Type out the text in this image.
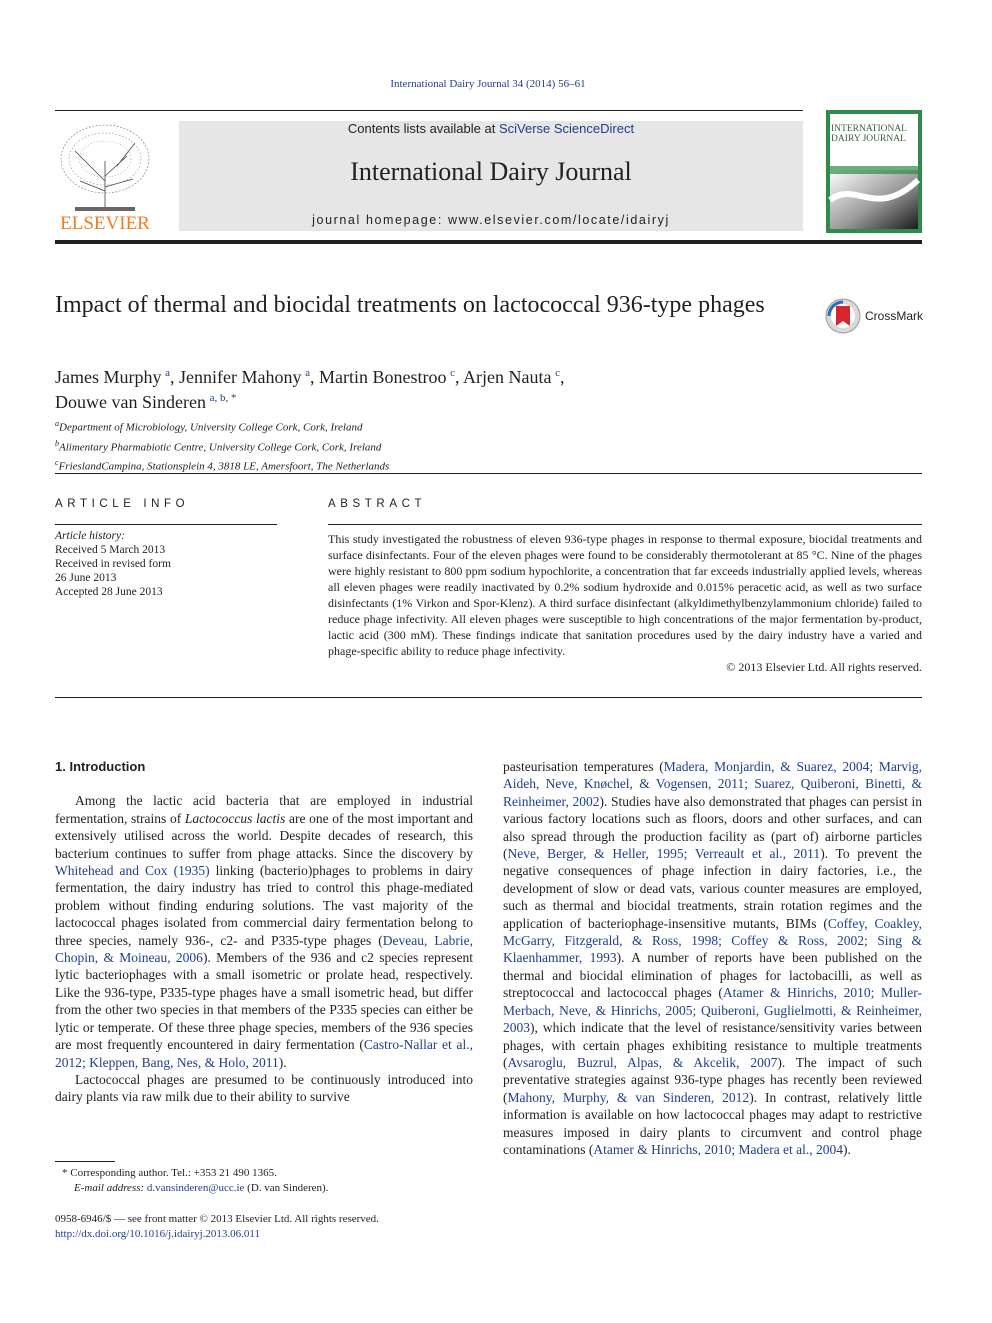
International Dairy Journal 34 (2014) 56–61
ELSEVIER
Contents lists available at SciVerse ScienceDirect
International Dairy Journal
journal homepage: www.elsevier.com/locate/idairyj
INTERNATIONAL DAIRY JOURNAL
Impact of thermal and biocidal treatments on lactococcal 936-type phages	CrossMark
James Murphy  $^a$, Jennifer Mahony  $^a$, Martin Bonestroo  $^c$, Arjen Nauta  $^c$,
Douwe van Sinderen  $^{a, b, *}$
$^a$Department of Microbiology, University College Cork, Cork, Ireland
$^b$Alimentary Pharmabiotic Centre, University College Cork, Cork, Ireland
$^c$FrieslandCampina, Stationsplein 4, 3818 LE, Amersfoort, The Netherlands
ARTICLE INFO
Article history:
Received 5 March 2013
Received in revised form
26 June 2013
Accepted 28 June 2013
ABSTRACT
This study investigated the robustness of eleven 936-type phages in response to thermal exposure, biocidal treatments and surface disinfectants. Four of the eleven phages were found to be considerably thermotolerant at 85 °C. Nine of the phages were highly resistant to 800 ppm sodium hypochlorite, a concentration that far exceeds industrially applied levels, whereas all eleven phages were readily inactivated by 0.2% sodium hydroxide and 0.015% peracetic acid, as well as two surface disinfectants (1% Virkon and Spor-Klenz). A third surface disinfectant (alkyldimethylbenzylammonium chloride) failed to reduce phage infectivity. All eleven phages were susceptible to high concentrations of the major fermentation by-product, lactic acid (300 mM). These findings indicate that sanitation procedures used by the dairy industry have a varied and phage-specific ability to reduce phage infectivity.
© 2013 Elsevier Ltd. All rights reserved.
1. Introduction

Among the lactic acid bacteria that are employed in industrial fermentation, strains of Lactococcus lactis are one of the most important and extensively utilised across the world. Despite decades of research, this bacterium continues to suffer from phage attacks. Since the discovery by Whitehead and Cox (1935) linking (bacterio)phages to problems in dairy fermentation, the dairy industry has tried to control this phage-mediated problem without finding enduring solutions. The vast majority of the lactococcal phages isolated from commercial dairy fermentation belong to three species, namely 936-, c2- and P335-type phages (Deveau, Labrie, Chopin, & Moineau, 2006). Members of the 936 and c2 species represent lytic bacteriophages with a small isometric or prolate head, respectively. Like the 936-type, P335-type phages have a small isometric head, but differ from the other two species in that members of the P335 species can either be lytic or temperate. Of these three phage species, members of the 936 species are most frequently encountered in dairy fermentation (Castro-Nallar et al., 2012; Kleppen, Bang, Nes, & Holo, 2011).

Lactococcal phages are presumed to be continuously introduced into dairy plants via raw milk due to their ability to survive

pasteurisation temperatures (Madera, Monjardin, & Suarez, 2004; Marvig, Aideh, Neve, Knøchel, & Vogensen, 2011; Suarez, Quiberoni, Binetti, & Reinheimer, 2002). Studies have also demonstrated that phages can persist in various factory locations such as floors, doors and other surfaces, and can also spread through the production facility as (part of) airborne particles (Neve, Berger, & Heller, 1995; Verreault et al., 2011). To prevent the negative consequences of phage infection in dairy factories, i.e., the development of slow or dead vats, various counter measures are employed, such as thermal and biocidal treatments, strain rotation regimes and the application of bacteriophage-insensitive mutants, BIMs (Coffey, Coakley, McGarry, Fitzgerald, & Ross, 1998; Coffey & Ross, 2002; Sing & Klaenhammer, 1993). A number of reports have been published on the thermal and biocidal elimination of phages for lactobacilli, as well as streptococcal and lactococcal phages (Atamer & Hinrichs, 2010; Muller-Merbach, Neve, & Hinrichs, 2005; Quiberoni, Guglielmotti, & Reinheimer, 2003), which indicate that the level of resistance/sensitivity varies between phages, with certain phages exhibiting resistance to multiple treatments (Avsaroglu, Buzrul, Alpas, & Akcelik, 2007). The impact of such preventative strategies against 936-type phages has recently been reviewed (Mahony, Murphy, & van Sinderen, 2012). In contrast, relatively little information is available on how lactococcal phages may adapt to restrictive measures imposed in dairy plants to circumvent and control phage contaminations (Atamer & Hinrichs, 2010; Madera et al., 2004).

* Corresponding author. Tel.: +353 21 490 1365.
E-mail address: d.vansinderen@ucc.ie (D. van Sinderen).
0958-6946/$ — see front matter © 2013 Elsevier Ltd. All rights reserved.
http://dx.doi.org/10.1016/j.idairyj.2013.06.011
